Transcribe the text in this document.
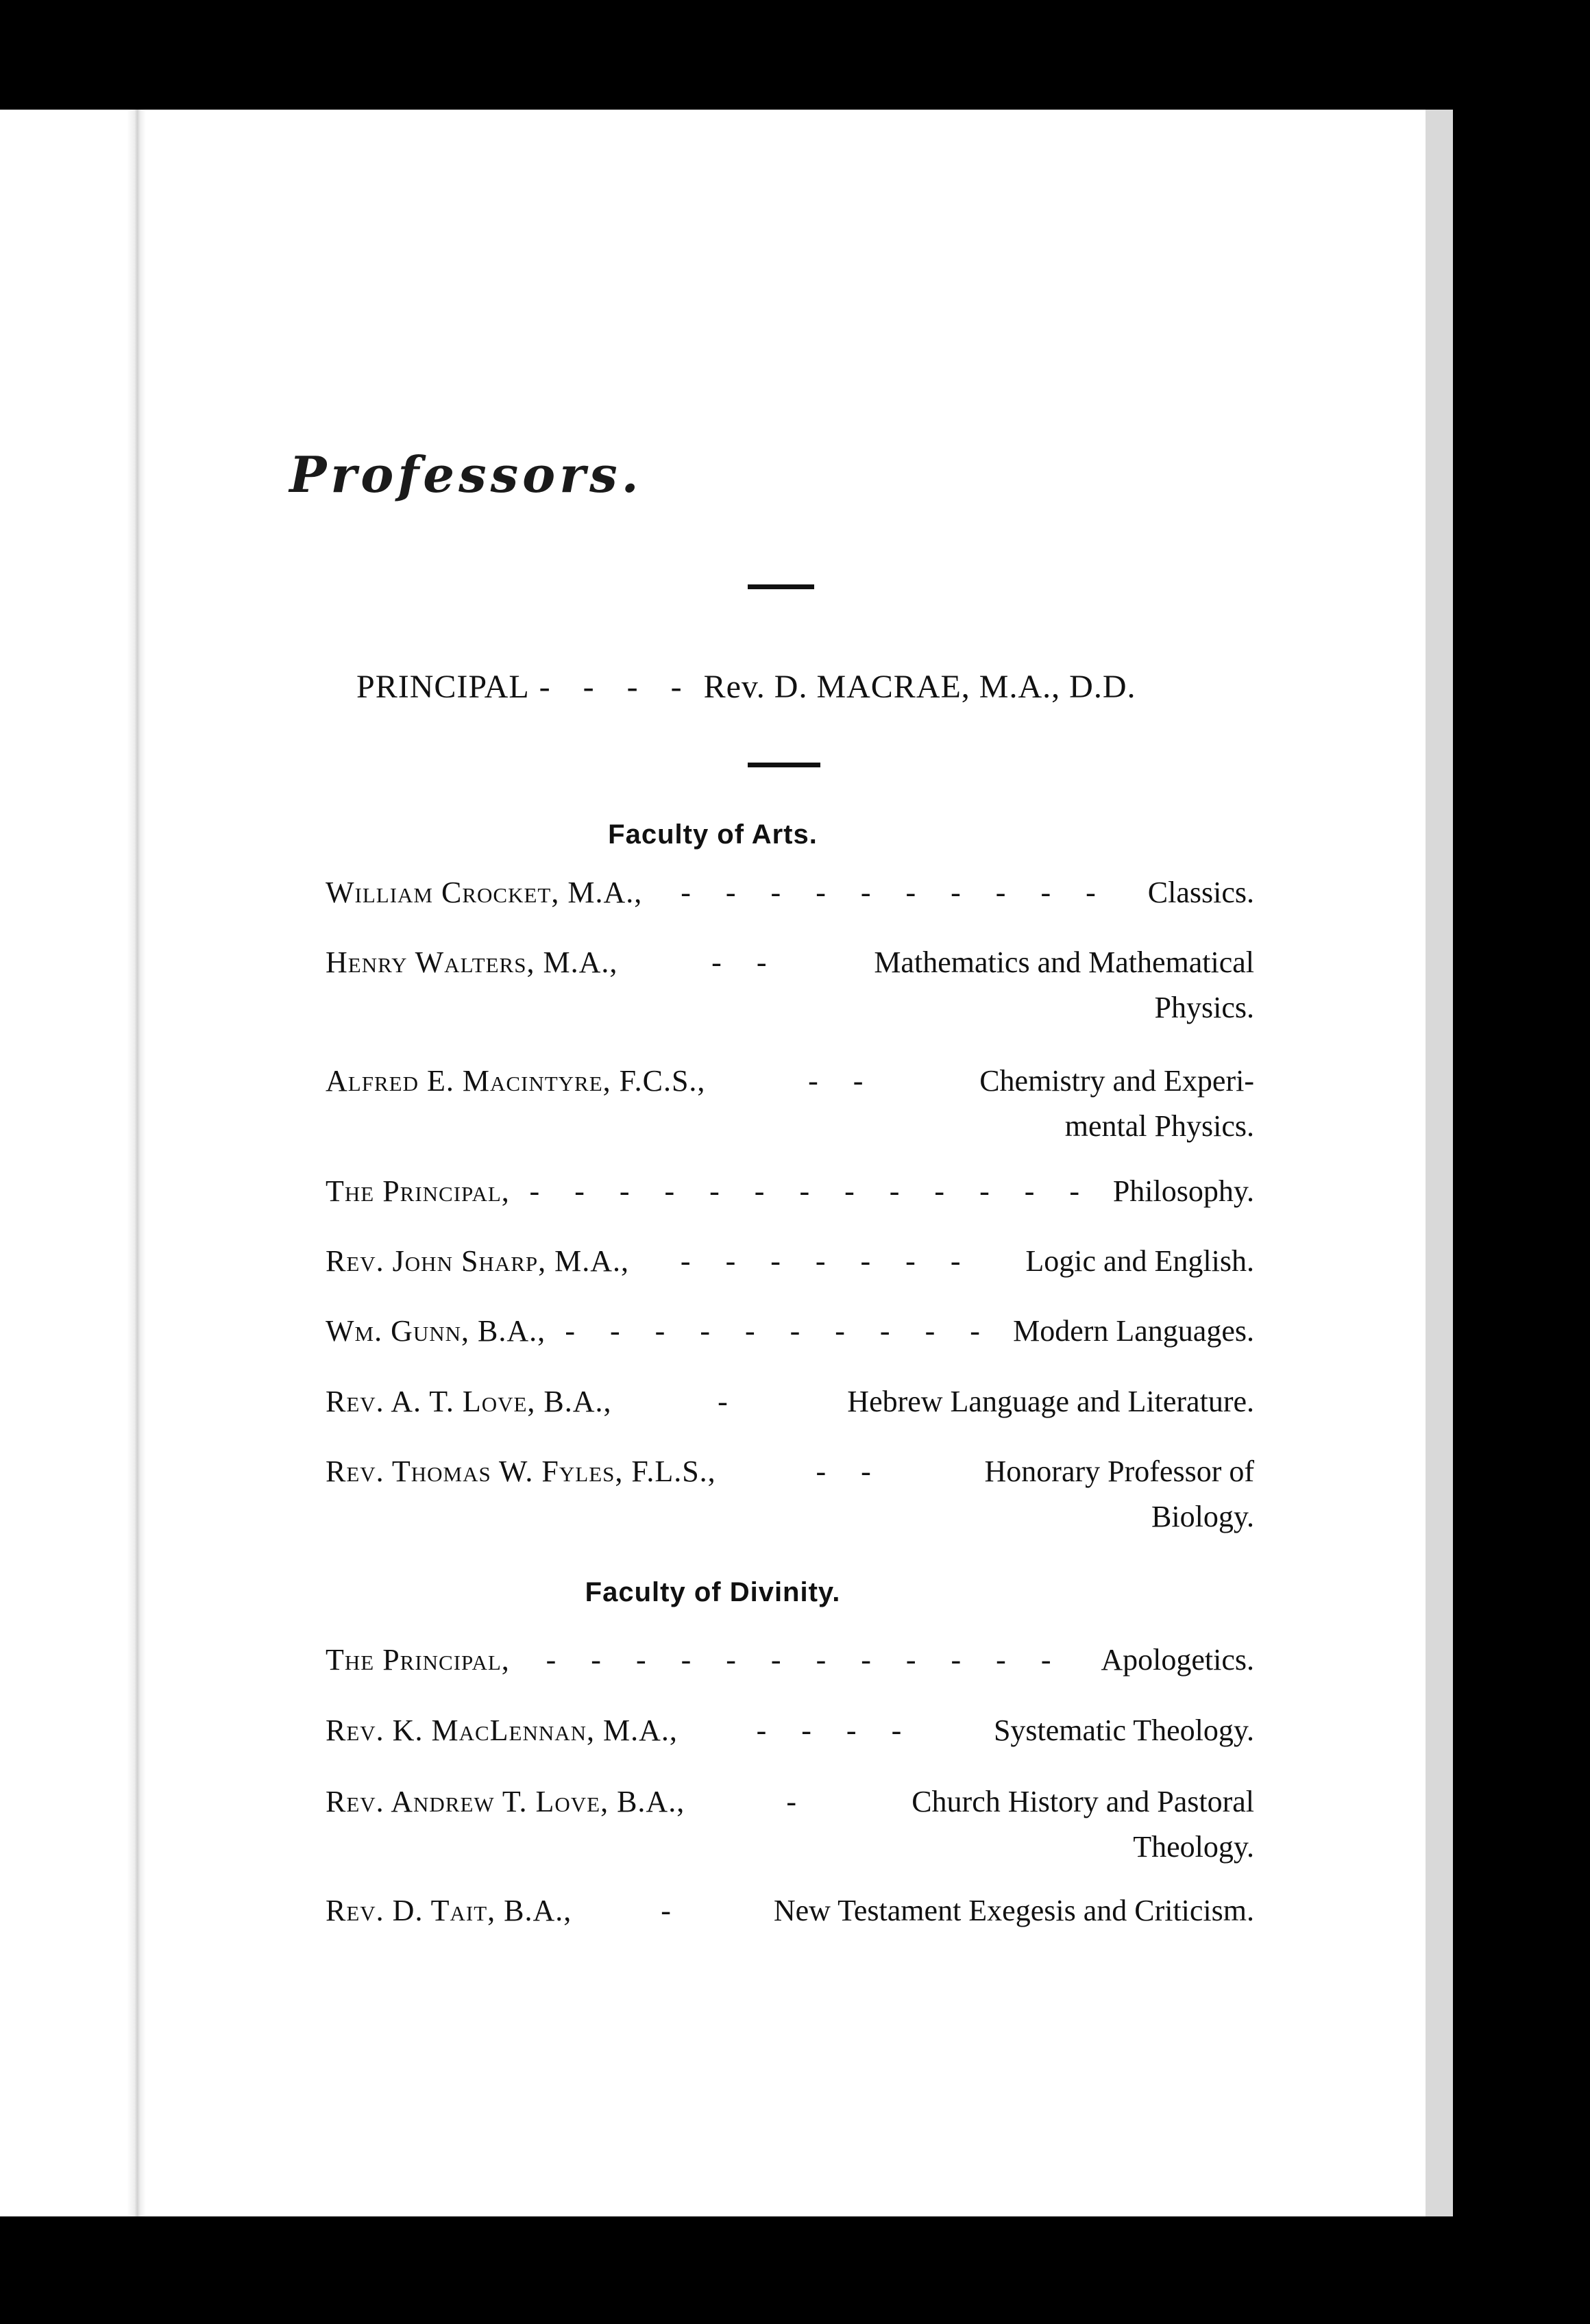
Professors.
PRINCIPAL - - - - Rev. D. MACRAE, M.A., D.D.
Faculty of Arts.
Faculty of Divinity.
William Crocket, M.A.,	- - - - - - - - - -	Classics.
Henry Walters, M.A.,	- -	Mathematics and Mathematical
Physics.
Alfred E. Macintyre, F.C.S.,	- -	Chemistry and Experi-
mental Physics.
The Principal, - - - - - - - - - - - - - Philosophy.
Rev. John Sharp, M.A.,	- - - - - - -	Logic and English.
Wm. Gunn, B.A., - - - - - - - - - - Modern Languages.
Rev. A. T. Love, B.A.,	-	Hebrew Language and Literature.
Rev. Thomas W. Fyles, F.L.S.,	- -	Honorary Professor of
Biology.
The Principal,	- - - - - - - - - - - -	Apologetics.
Rev. K. MacLennan, M.A.,	- - - -	Systematic Theology.
Rev. Andrew T. Love, B.A.,	-	Church History and Pastoral
Theology.
Rev. D. Tait, B.A.,	-	New Testament Exegesis and Criticism.
